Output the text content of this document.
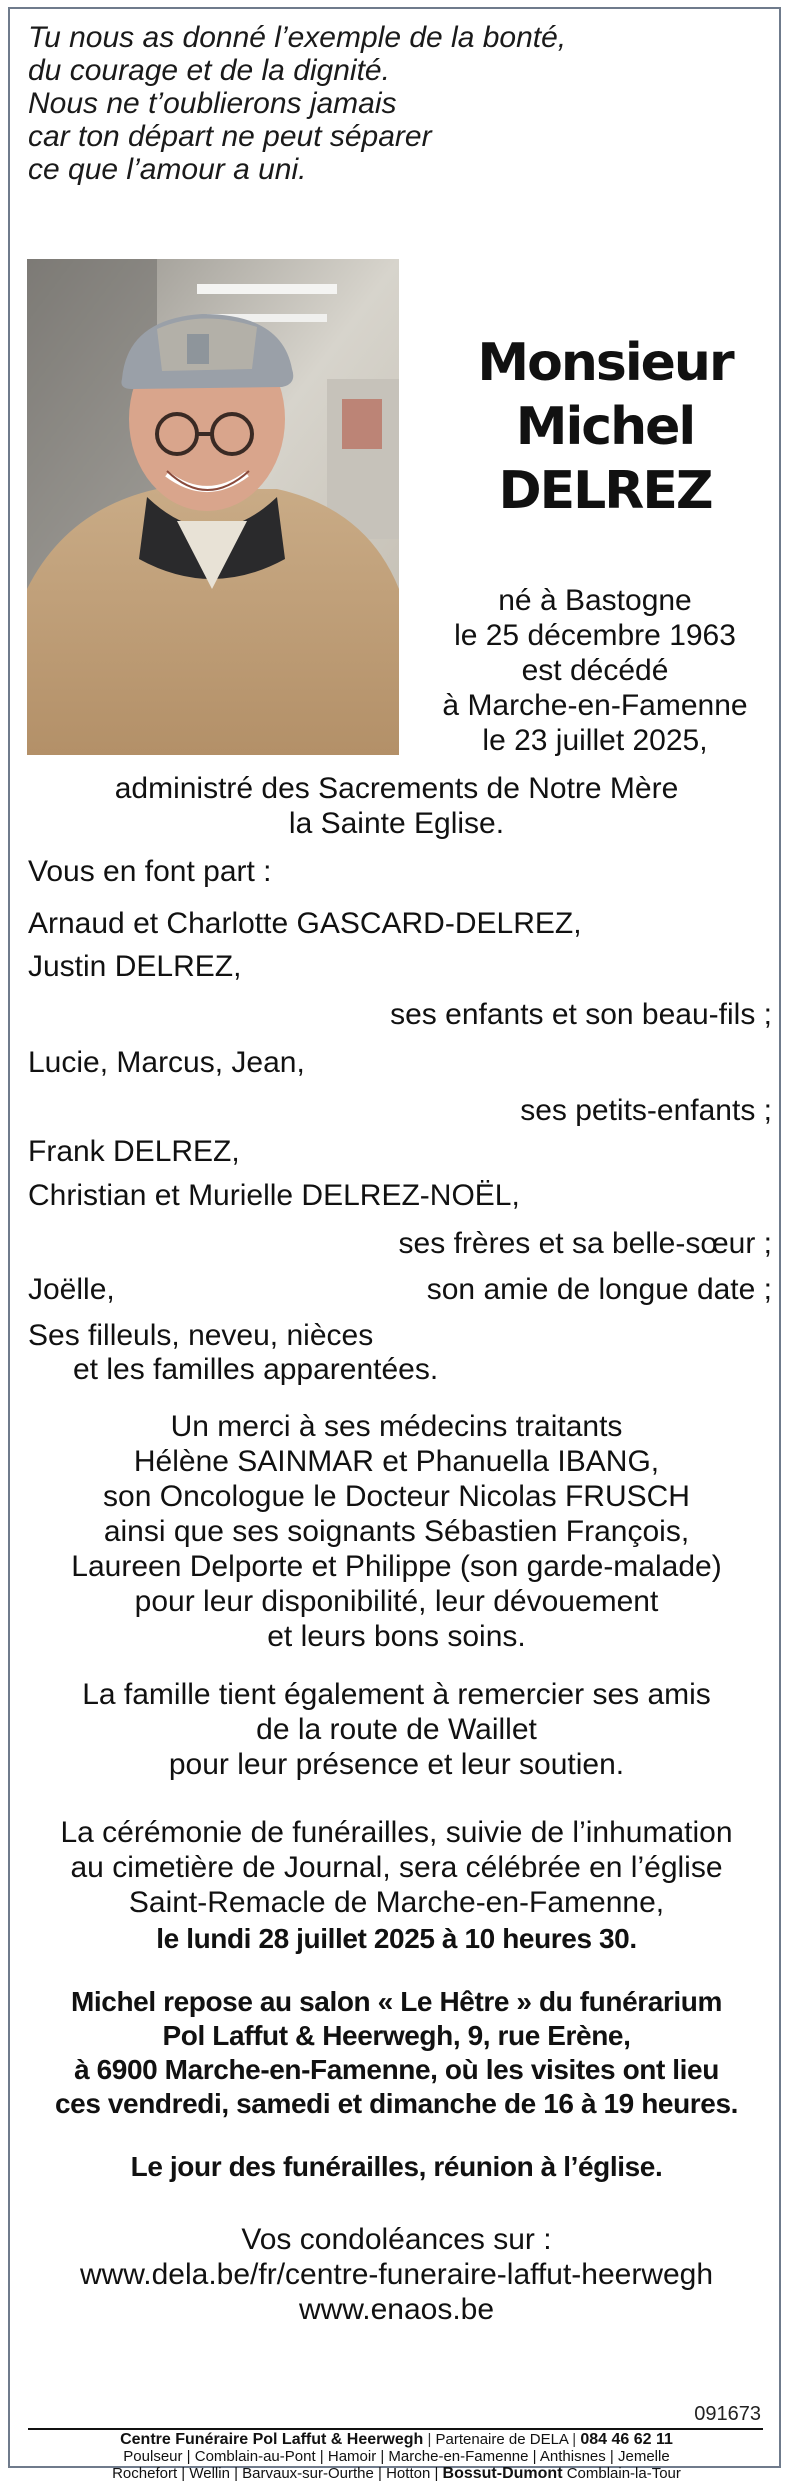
Tu nous as donné l’exemple de la bonté,
du courage et de la dignité.
Nous ne t’oublierons jamais
car ton départ ne peut séparer
ce que l’amour a uni.
Monsieur
Michel
DELREZ
né à Bastogne
le 25 décembre 1963
est décédé
à Marche-en-Famenne
le 23 juillet 2025,
administré des Sacrements de Notre Mère
la Sainte Eglise.
Vous en font part :
Arnaud et Charlotte GASCARD-DELREZ,
Justin DELREZ,
ses enfants et son beau-fils ;
Lucie, Marcus, Jean,
ses petits-enfants ;
Frank DELREZ,
Christian et Murielle DELREZ-NOËL,
ses frères et sa belle-sœur ;
Joëlle,	son amie de longue date ;
Ses filleuls, neveu, nièces
et les familles apparentées.
Un merci à ses médecins traitants
Hélène SAINMAR et Phanuella IBANG,
son Oncologue le Docteur Nicolas FRUSCH
ainsi que ses soignants Sébastien François,
Laureen Delporte et Philippe (son garde-malade)
pour leur disponibilité, leur dévouement
et leurs bons soins.
La famille tient également à remercier ses amis
de la route de Waillet
pour leur présence et leur soutien.
La cérémonie de funérailles, suivie de l’inhumation
au cimetière de Journal, sera célébrée en l’église
Saint-Remacle de Marche-en-Famenne,
le lundi 28 juillet 2025 à 10 heures 30.
Michel repose au salon « Le Hêtre » du funérarium
Pol Laffut & Heerwegh, 9, rue Erène,
à 6900 Marche-en-Famenne, où les visites ont lieu
ces vendredi, samedi et dimanche de 16 à 19 heures.
Le jour des funérailles, réunion à l’église.
Vos condoléances sur :
www.dela.be/fr/centre-funeraire-laffut-heerwegh
www.enaos.be
091673
Centre Funéraire Pol Laffut & Heerwegh | Partenaire de DELA | 084 46 62 11
Poulseur | Comblain-au-Pont | Hamoir | Marche-en-Famenne | Anthisnes | Jemelle
Rochefort | Wellin | Barvaux-sur-Ourthe | Hotton | Bossut-Dumont Comblain-la-Tour
